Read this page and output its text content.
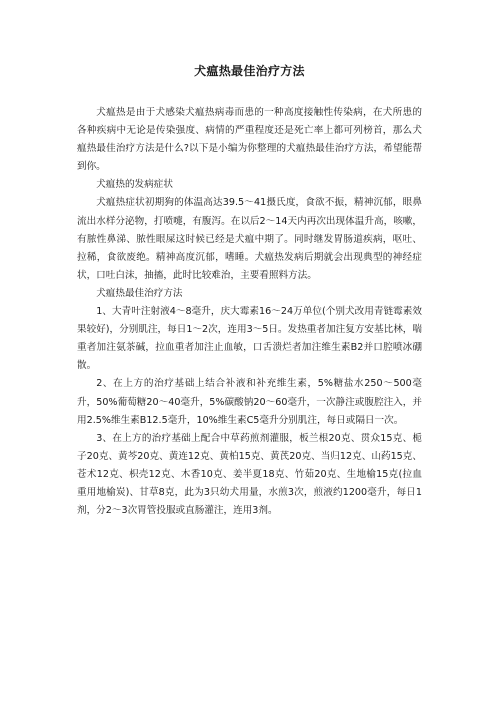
犬瘟热最佳治疗方法

犬瘟热是由于犬感染犬瘟热病毒而患的一种高度接触性传染病，在犬所患的各种疾病中无论是传染强度、病情的严重程度还是死亡率上都可列榜首，那么犬瘟热最佳治疗方法是什么?以下是小编为你整理的犬瘟热最佳治疗方法，希望能帮到你。

犬瘟热的发病症状

犬瘟热症状初期狗的体温高达39.5～41摄氏度，食欲不振，精神沉郁，眼鼻流出水样分泌物，打喷嚏，有腹泻。在以后2～14天内再次出现体温升高，咳嗽，有脓性鼻涕、脓性眼屎这时候已经是犬瘟中期了。同时继发胃肠道疾病，呕吐、拉稀，食欲废绝。精神高度沉郁，嗜睡。犬瘟热发病后期就会出现典型的神经症状，口吐白沫，抽搐，此时比较难治，主要看照料方法。

犬瘟热最佳治疗方法

1、大青叶注射液4～8毫升，庆大霉素16～24万单位(个别犬改用青链霉素效果较好)，分别肌注，每日1～2次，连用3～5日。发热重者加注复方安基比林，喘重者加注氨茶碱，拉血重者加注止血敏，口舌溃烂者加注维生素B2并口腔喷冰硼散。

2、在上方的治疗基础上结合补液和补充维生素，5%糖盐水250～500毫升，50%葡萄糖20～40毫升，5%碳酸钠20～60毫升，一次静注或腹腔注入，并用2.5%维生素B12.5毫升，10%维生素C5毫升分别肌注，每日或隔日一次。

3、在上方的治疗基础上配合中草药煎剂灌服，板兰根20克、贯众15克、栀子20克、黄芩20克、黄连12克、黄柏15克、黄芪20克、当归12克、山药15克、苍术12克、枳壳12克、木香10克、姜半夏18克、竹茹20克、生地榆15克(拉血重用地榆炭)、甘草8克，此为3只幼犬用量，水煎3次，煎液约1200毫升，每日1剂，分2～3次胃管投服或直肠灌注，连用3剂。
